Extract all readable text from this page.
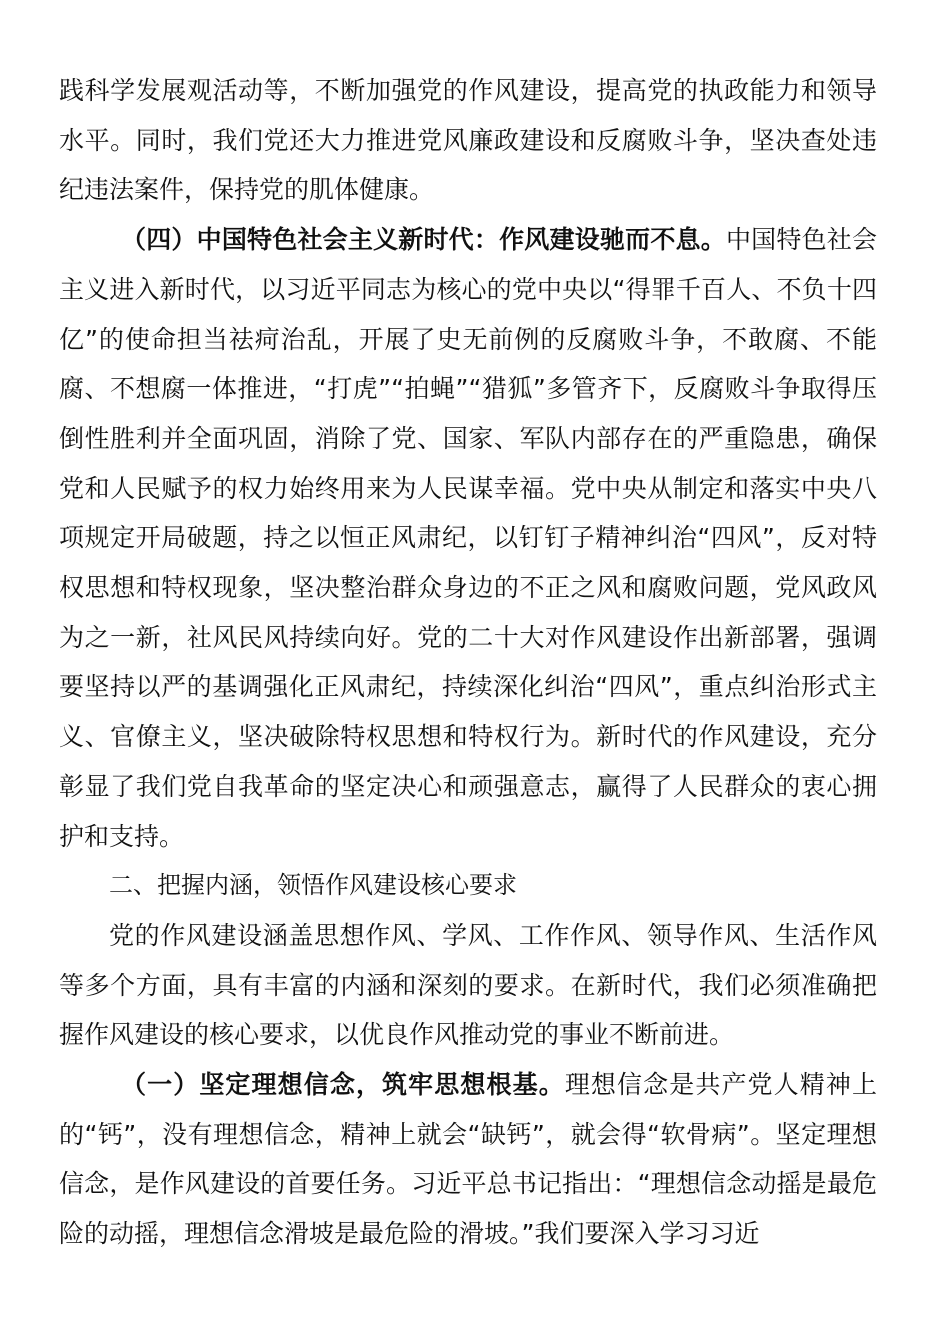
践科学发展观活动等，不断加强党的作风建设，提高党的执政能力和领导水平。同时，我们党还大力推进党风廉政建设和反腐败斗争，坚决查处违纪违法案件，保持党的肌体健康。

（四）中国特色社会主义新时代：作风建设驰而不息。中国特色社会主义进入新时代，以习近平同志为核心的党中央以“得罪千百人、不负十四亿”的使命担当祛疴治乱，开展了史无前例的反腐败斗争，不敢腐、不能腐、不想腐一体推进，“打虎”“拍蝇”“猎狐”多管齐下，反腐败斗争取得压倒性胜利并全面巩固，消除了党、国家、军队内部存在的严重隐患，确保党和人民赋予的权力始终用来为人民谋幸福。党中央从制定和落实中央八项规定开局破题，持之以恒正风肃纪，以钉钉子精神纠治“四风”，反对特权思想和特权现象，坚决整治群众身边的不正之风和腐败问题，党风政风为之一新，社风民风持续向好。党的二十大对作风建设作出新部署，强调要坚持以严的基调强化正风肃纪，持续深化纠治“四风”，重点纠治形式主义、官僚主义，坚决破除特权思想和特权行为。新时代的作风建设，充分彰显了我们党自我革命的坚定决心和顽强意志，赢得了人民群众的衷心拥护和支持。

二、把握内涵，领悟作风建设核心要求

党的作风建设涵盖思想作风、学风、工作作风、领导作风、生活作风等多个方面，具有丰富的内涵和深刻的要求。在新时代，我们必须准确把握作风建设的核心要求，以优良作风推动党的事业不断前进。

（一）坚定理想信念，筑牢思想根基。理想信念是共产党人精神上的“钙”，没有理想信念，精神上就会“缺钙”，就会得“软骨病”。坚定理想信念，是作风建设的首要任务。习近平总书记指出：“理想信念动摇是最危险的动摇，理想信念滑坡是最危险的滑坡。”我们要深入学习习近
